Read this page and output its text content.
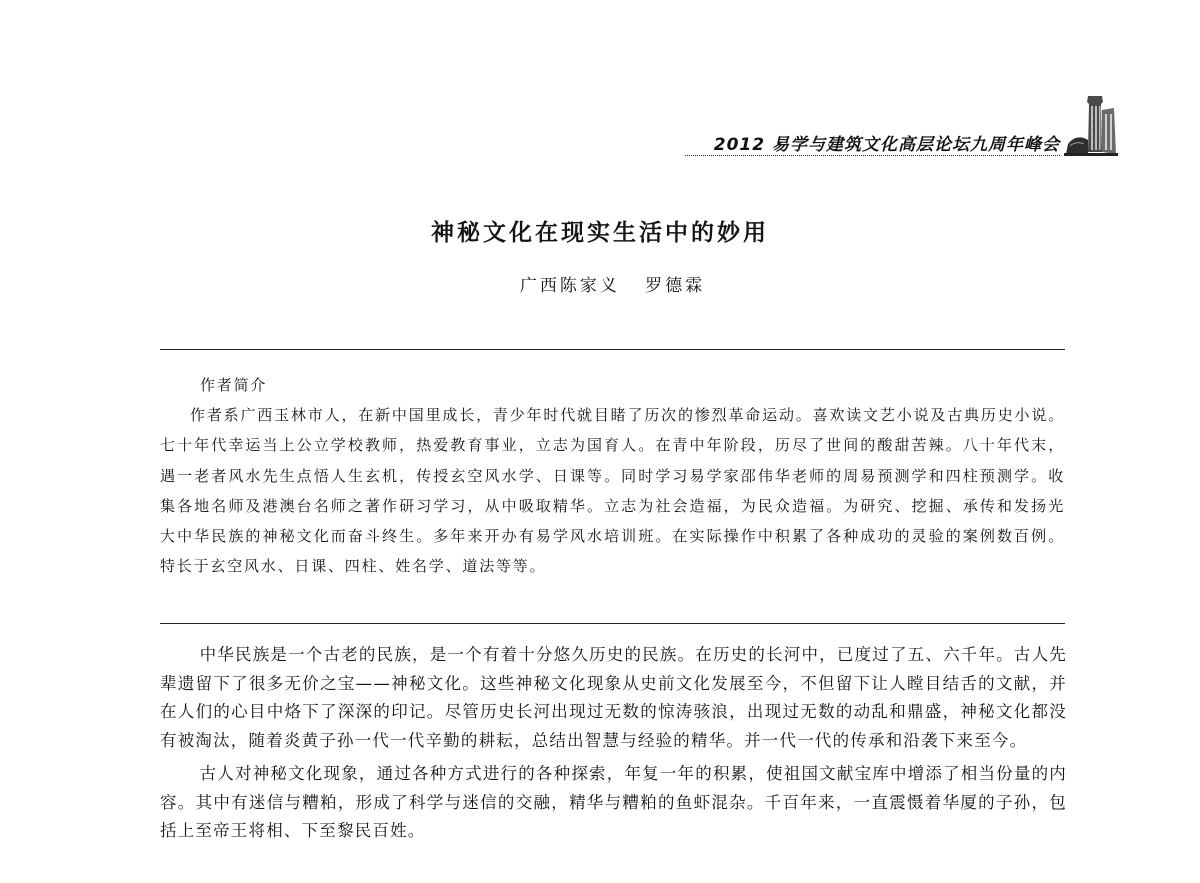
2012 易学与建筑文化高层论坛九周年峰会
神秘文化在现实生活中的妙用
广西陈家义   罗德霖
作者简介

作者系广西玉林市人，在新中国里成长，青少年时代就目睹了历次的惨烈革命运动。喜欢读文艺小说及古典历史小说。七十年代幸运当上公立学校教师，热爱教育事业，立志为国育人。在青中年阶段，历尽了世间的酸甜苦辣。八十年代末，遇一老者风水先生点悟人生玄机，传授玄空风水学、日课等。同时学习易学家邵伟华老师的周易预测学和四柱预测学。收集各地名师及港澳台名师之著作研习学习，从中吸取精华。立志为社会造福，为民众造福。为研究、挖掘、承传和发扬光大中华民族的神秘文化而奋斗终生。多年来开办有易学风水培训班。在实际操作中积累了各种成功的灵验的案例数百例。特长于玄空风水、日课、四柱、姓名学、道法等等。

中华民族是一个古老的民族，是一个有着十分悠久历史的民族。在历史的长河中，已度过了五、六千年。古人先辈遗留下了很多无价之宝——神秘文化。这些神秘文化现象从史前文化发展至今，不但留下让人瞠目结舌的文献，并在人们的心目中烙下了深深的印记。尽管历史长河出现过无数的惊涛骇浪，出现过无数的动乱和鼎盛，神秘文化都没有被淘汰，随着炎黄子孙一代一代辛勤的耕耘，总结出智慧与经验的精华。并一代一代的传承和沿袭下来至今。

古人对神秘文化现象，通过各种方式进行的各种探索，年复一年的积累，使祖国文献宝库中增添了相当份量的内容。其中有迷信与糟粕，形成了科学与迷信的交融，精华与糟粕的鱼虾混杂。千百年来，一直震慑着华厦的子孙，包括上至帝王将相、下至黎民百姓。
